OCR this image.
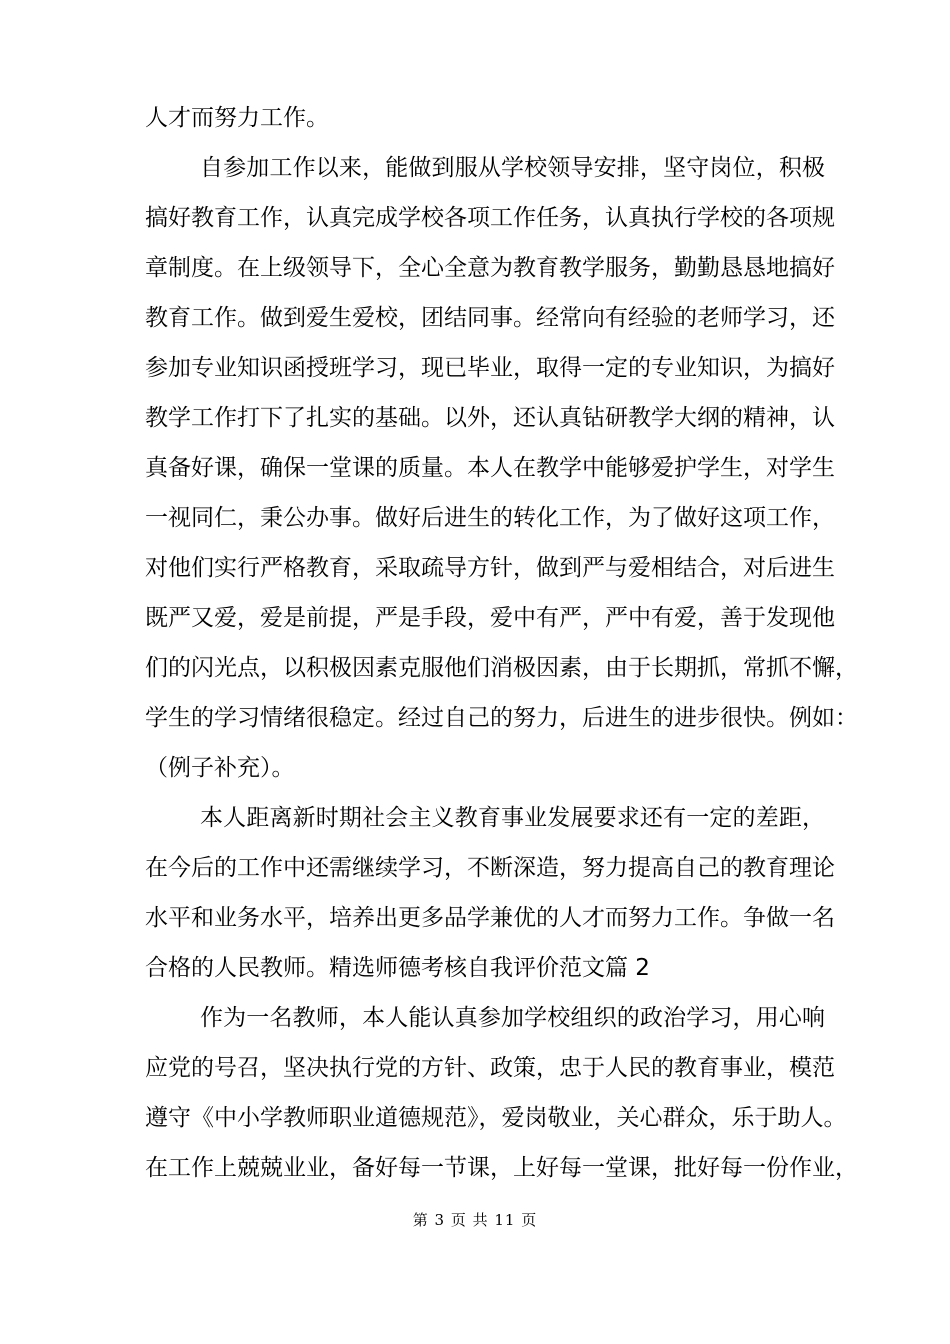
人才而努力工作。
自参加工作以来，能做到服从学校领导安排，坚守岗位，积极
搞好教育工作，认真完成学校各项工作任务，认真执行学校的各项规
章制度。在上级领导下，全心全意为教育教学服务，勤勤恳恳地搞好
教育工作。做到爱生爱校，团结同事。经常向有经验的老师学习，还
参加专业知识函授班学习，现已毕业，取得一定的专业知识，为搞好
教学工作打下了扎实的基础。以外，还认真钻研教学大纲的精神，认
真备好课，确保一堂课的质量。本人在教学中能够爱护学生，对学生
一视同仁，秉公办事。做好后进生的转化工作，为了做好这项工作，
对他们实行严格教育，采取疏导方针，做到严与爱相结合，对后进生
既严又爱，爱是前提，严是手段，爱中有严，严中有爱，善于发现他
们的闪光点，以积极因素克服他们消极因素，由于长期抓，常抓不懈，
学生的学习情绪很稳定。经过自己的努力，后进生的进步很快。例如：
（例子补充）。
本人距离新时期社会主义教育事业发展要求还有一定的差距，
在今后的工作中还需继续学习，不断深造，努力提高自己的教育理论
水平和业务水平，培养出更多品学兼优的人才而努力工作。争做一名
合格的人民教师。精选师德考核自我评价范文篇 2
作为一名教师，本人能认真参加学校组织的政治学习，用心响
应党的号召，坚决执行党的方针、政策，忠于人民的教育事业，模范
遵守《中小学教师职业道德规范》，爱岗敬业，关心群众，乐于助人。
在工作上兢兢业业，备好每一节课，上好每一堂课，批好每一份作业，
第 3 页 共 11 页
